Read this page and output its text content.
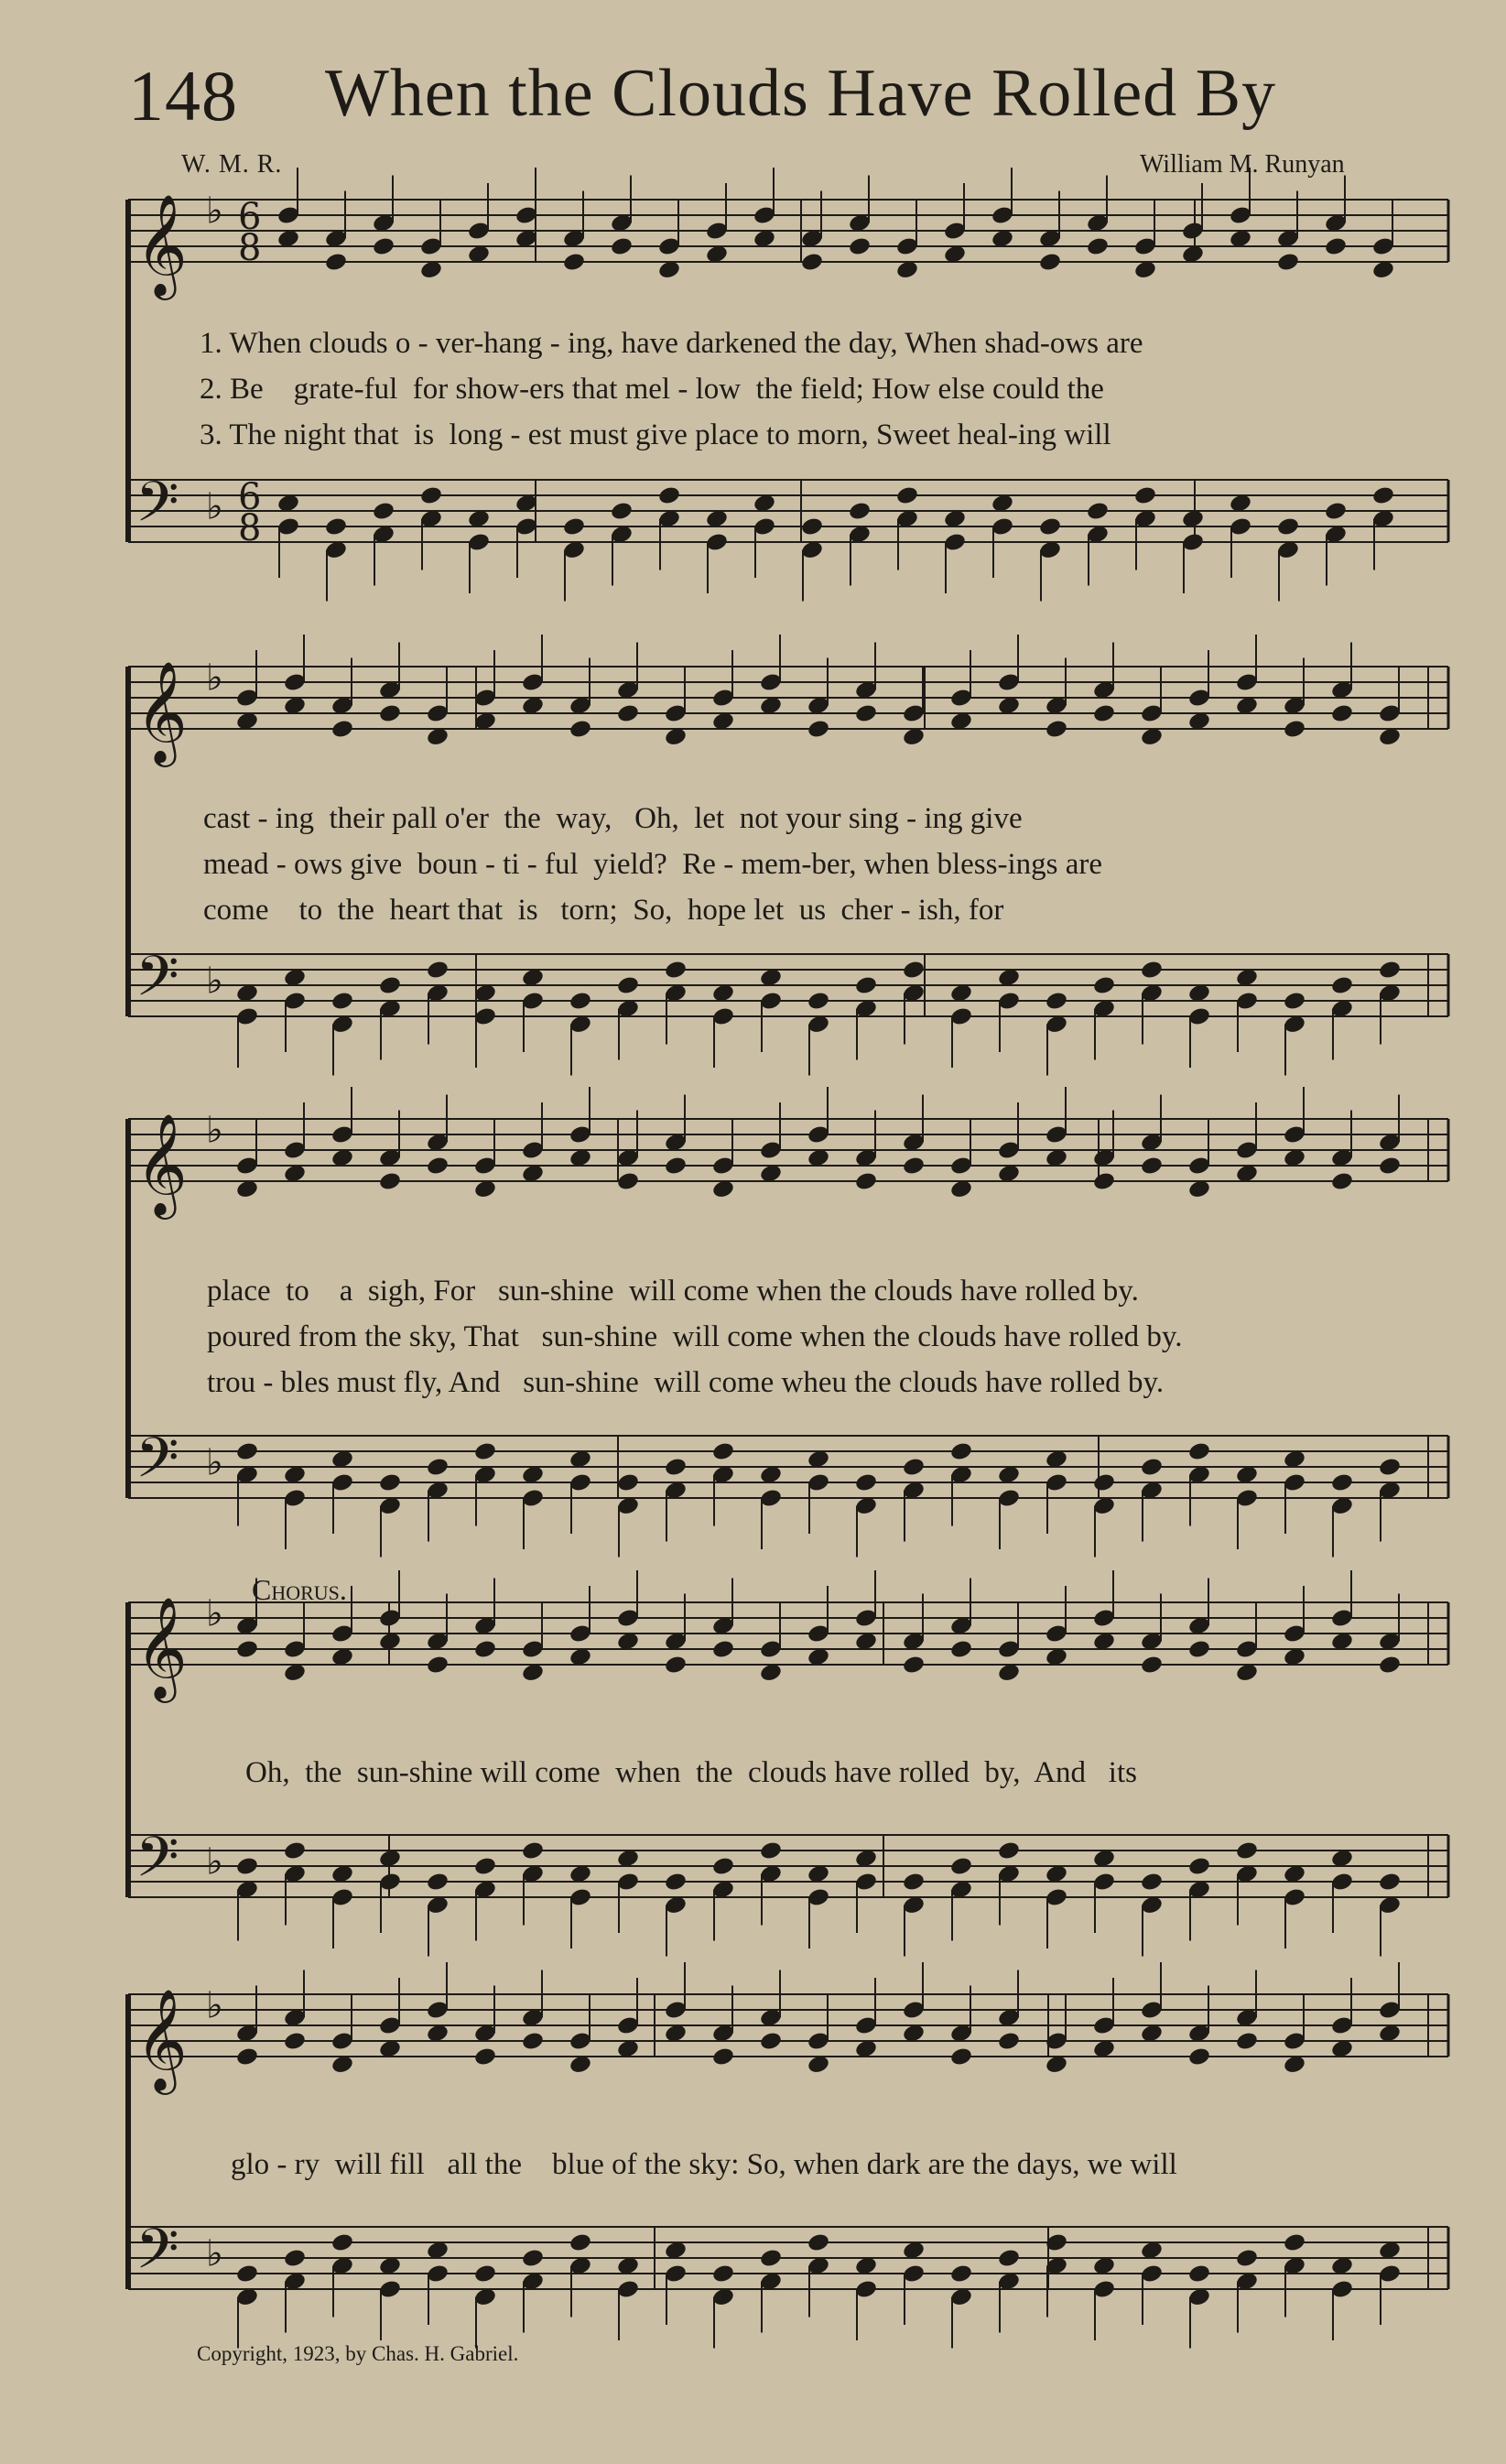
148 When the Clouds Have Rolled By
W. M. R.	William M. Runyan
𝄞 ♭ 6
8
𝄢 ♭ 6
8
𝄞 ♭
𝄢 ♭
𝄞 ♭
𝄢 ♭
𝄞 ♭
𝄢 ♭
𝄞 ♭
𝄢 ♭
1. When clouds o - ver-hang - ing, have darkened the day, When shad-ows are
2. Be    grate-ful  for show-ers that mel - low  the field; How else could the
3. The night that  is  long - est must give place to morn, Sweet heal-ing will
cast - ing  their pall o'er  the  way,   Oh,  let  not your sing - ing give
mead - ows give  boun - ti - ful  yield?  Re - mem-ber, when bless-ings are
come    to  the  heart that  is   torn;  So,  hope let  us  cher - ish, for
place  to    a  sigh, For   sun-shine  will come when the clouds have rolled by.
poured from the sky, That   sun-shine  will come when the clouds have rolled by.
trou - bles must fly, And   sun-shine  will come wheu the clouds have rolled by.
Chorus.
Oh,  the  sun-shine will come  when  the  clouds have rolled  by,  And   its
glo - ry  will fill   all the    blue of the sky: So, when dark are the days, we will
Copyright, 1923, by Chas. H. Gabriel.
